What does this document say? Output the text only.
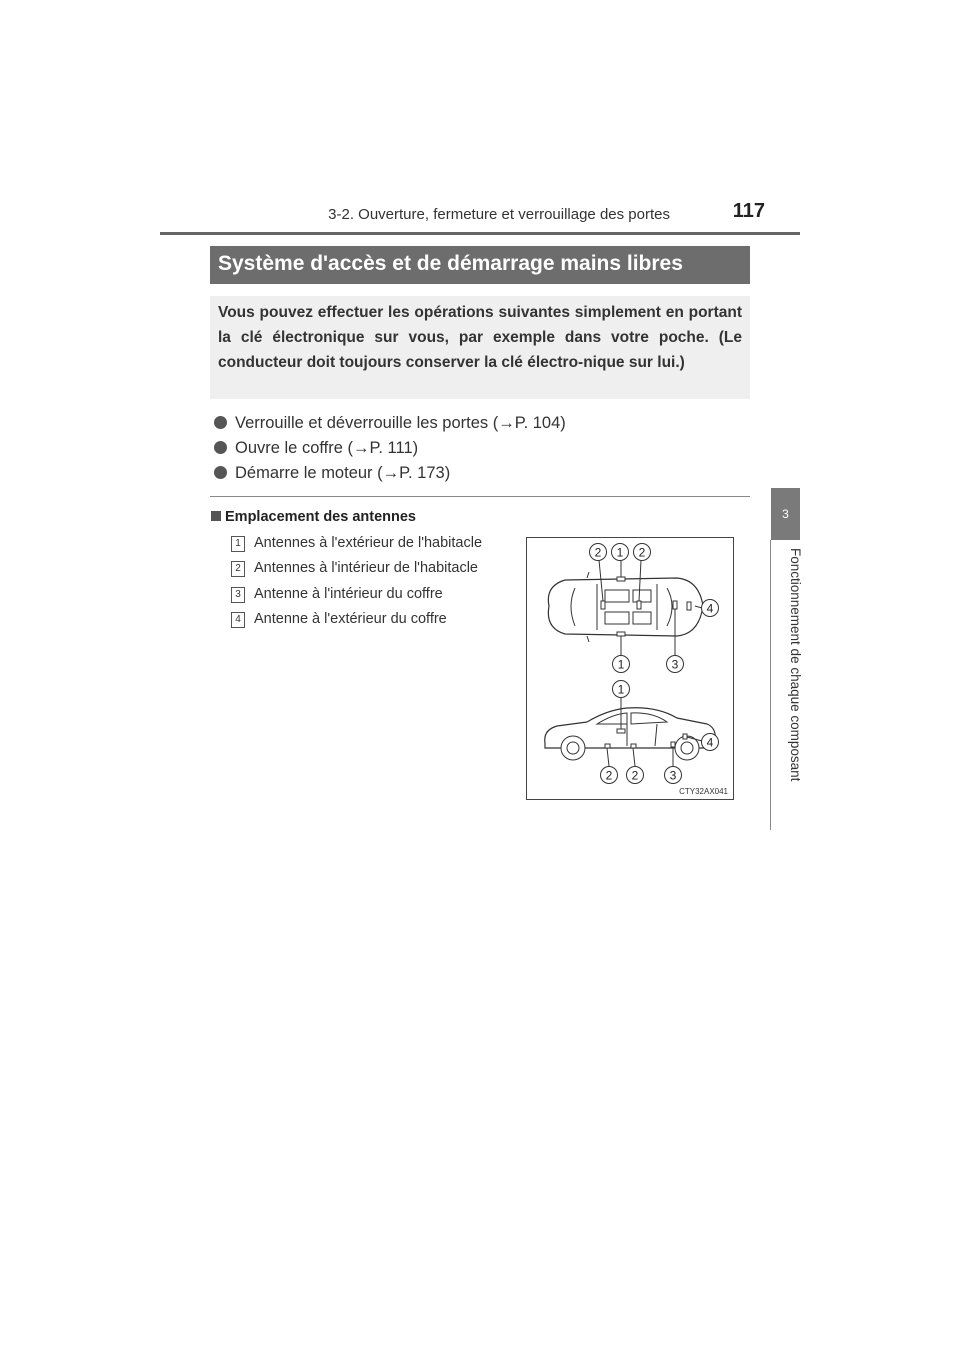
3-2. Ouverture, fermeture et verrouillage des portes	117
3
Fonctionnement de chaque composant
Système d'accès et de démarrage mains libres
Vous pouvez effectuer les opérations suivantes simplement en portant la clé électronique sur vous, par exemple dans votre poche. (Le conducteur doit toujours conserver la clé électro-nique sur lui.)
Verrouille et déverrouille les portes (→P. 104)
Ouvre le coffre (→P. 111)
Démarre le moteur (→P. 173)
Emplacement des antennes
1 Antennes à l'extérieur de l'habitacle
2 Antennes à l'intérieur de l'habitacle
3 Antenne à l'intérieur du coffre
4 Antenne à l'extérieur du coffre
2 1 2
4
1	3
1
4
2 2	3
CTY32AX041
